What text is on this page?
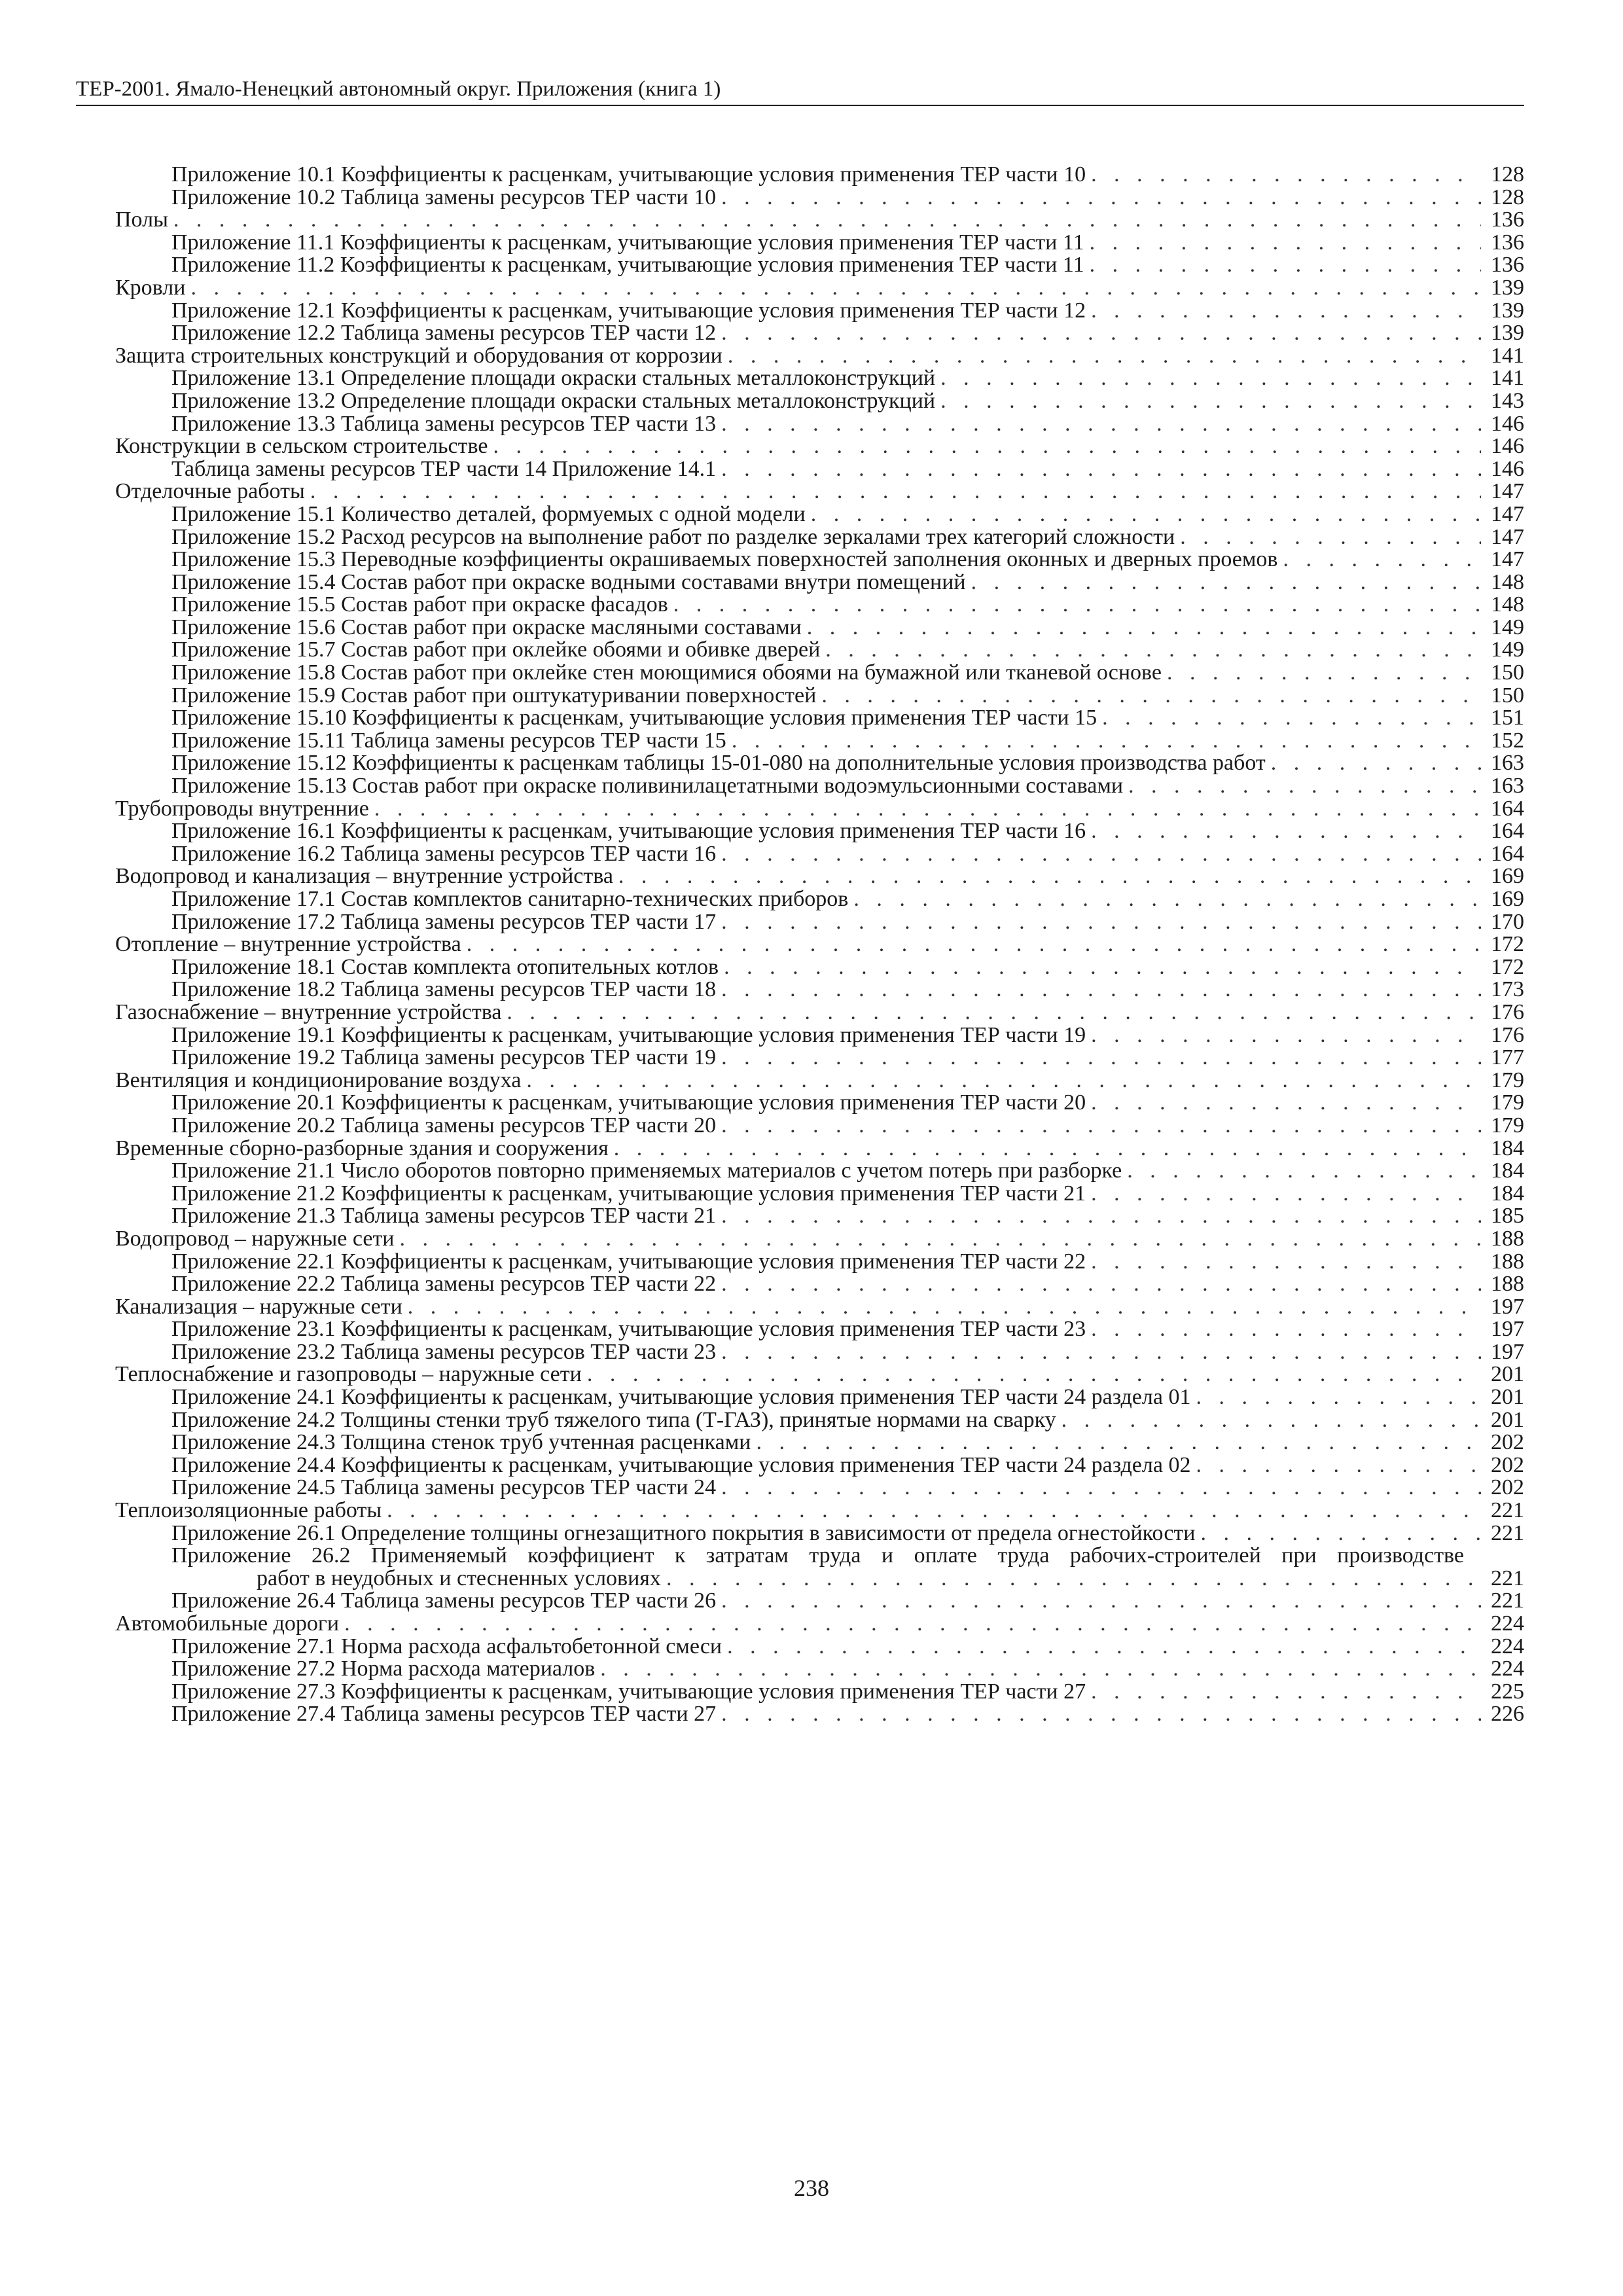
ТЕР-2001. Ямало-Ненецкий автономный округ. Приложения (книга 1)
Приложение 10.1 Коэффициенты к расценкам, учитывающие условия применения ТЕР части 10 . . .	128
Приложение 10.2 Таблица замены ресурсов ТЕР части 10 . . .	128
Полы . . .	136
Приложение 11.1 Коэффициенты к расценкам, учитывающие условия применения ТЕР части 11 . . .	136
Приложение 11.2 Коэффициенты к расценкам, учитывающие условия применения ТЕР части 11 . . .	136
Кровли . . .	139
Приложение 12.1 Коэффициенты к расценкам, учитывающие условия применения ТЕР части 12 . . .	139
Приложение 12.2 Таблица замены ресурсов ТЕР части 12 . . .	139
Защита строительных конструкций и оборудования от коррозии . . .	141
Приложение 13.1 Определение площади окраски стальных металлоконструкций . . .	141
Приложение 13.2 Определение площади окраски стальных металлоконструкций . . .	143
Приложение 13.3 Таблица замены ресурсов ТЕР части 13 . . .	146
Конструкции в сельском строительстве . . .	146
Таблица замены ресурсов ТЕР части 14 Приложение 14.1 . . .	146
Отделочные работы . . .	147
Приложение 15.1 Количество деталей, формуемых с одной модели . . .	147
Приложение 15.2 Расход ресурсов на выполнение работ по разделке зеркалами трех категорий сложности . . .	147
Приложение 15.3 Переводные коэффициенты окрашиваемых поверхностей заполнения оконных и дверных проемов . . .	147
Приложение 15.4 Состав работ при окраске водными составами внутри помещений . . .	148
Приложение 15.5 Состав работ при окраске фасадов . . .	148
Приложение 15.6 Состав работ при окраске масляными составами . . .	149
Приложение 15.7 Состав работ при оклейке обоями и обивке дверей . . .	149
Приложение 15.8 Состав работ при оклейке стен моющимися обоями на бумажной или тканевой основе . . .	150
Приложение 15.9 Состав работ при оштукатуривании поверхностей . . .	150
Приложение 15.10 Коэффициенты к расценкам, учитывающие условия применения ТЕР части 15 . . .	151
Приложение 15.11 Таблица замены ресурсов ТЕР части 15 . . .	152
Приложение 15.12 Коэффициенты к расценкам таблицы 15-01-080 на дополнительные условия производства работ . . .	163
Приложение 15.13 Состав работ при окраске поливинилацетатными водоэмульсионными составами . . .	163
Трубопроводы внутренние . . .	164
Приложение 16.1 Коэффициенты к расценкам, учитывающие условия применения ТЕР части 16 . . .	164
Приложение 16.2 Таблица замены ресурсов ТЕР части 16 . . .	164
Водопровод и канализация – внутренние устройства . . .	169
Приложение 17.1 Состав комплектов санитарно-технических приборов . . .	169
Приложение 17.2 Таблица замены ресурсов ТЕР части 17 . . .	170
Отопление – внутренние устройства . . .	172
Приложение 18.1 Состав комплекта отопительных котлов . . .	172
Приложение 18.2 Таблица замены ресурсов ТЕР части 18 . . .	173
Газоснабжение – внутренние устройства . . .	176
Приложение 19.1 Коэффициенты к расценкам, учитывающие условия применения ТЕР части 19 . . .	176
Приложение 19.2 Таблица замены ресурсов ТЕР части 19 . . .	177
Вентиляция и кондиционирование воздуха . . .	179
Приложение 20.1 Коэффициенты к расценкам, учитывающие условия применения ТЕР части 20 . . .	179
Приложение 20.2 Таблица замены ресурсов ТЕР части 20 . . .	179
Временные сборно-разборные здания и сооружения . . .	184
Приложение 21.1 Число оборотов повторно применяемых материалов с учетом потерь при разборке . . .	184
Приложение 21.2 Коэффициенты к расценкам, учитывающие условия применения ТЕР части 21 . . .	184
Приложение 21.3 Таблица замены ресурсов ТЕР части 21 . . .	185
Водопровод – наружные сети . . .	188
Приложение 22.1 Коэффициенты к расценкам, учитывающие условия применения ТЕР части 22 . . .	188
Приложение 22.2 Таблица замены ресурсов ТЕР части 22 . . .	188
Канализация – наружные сети . . .	197
Приложение 23.1 Коэффициенты к расценкам, учитывающие условия применения ТЕР части 23 . . .	197
Приложение 23.2 Таблица замены ресурсов ТЕР части 23 . . .	197
Теплоснабжение и газопроводы – наружные сети . . .	201
Приложение 24.1 Коэффициенты к расценкам, учитывающие условия применения ТЕР части 24 раздела 01 . . .	201
Приложение 24.2 Толщины стенки труб тяжелого типа (Т-ГАЗ), принятые нормами на сварку . . .	201
Приложение 24.3 Толщина стенок труб учтенная расценками . . .	202
Приложение 24.4 Коэффициенты к расценкам, учитывающие условия применения ТЕР части 24 раздела 02 . . .	202
Приложение 24.5 Таблица замены ресурсов ТЕР части 24 . . .	202
Теплоизоляционные работы . . .	221
Приложение 26.1 Определение толщины огнезащитного покрытия в зависимости от предела огнестойкости . . .	221
Приложение 26.2 Применяемый коэффициент к затратам труда и оплате труда рабочих-строителей при производстве
работ в неудобных и стесненных условиях . . .	221
Приложение 26.4 Таблица замены ресурсов ТЕР части 26 . . .	221
Автомобильные дороги . . .	224
Приложение 27.1 Норма расхода асфальтобетонной смеси . . .	224
Приложение 27.2 Норма расхода материалов . . .	224
Приложение 27.3 Коэффициенты к расценкам, учитывающие условия применения ТЕР части 27 . . .	225
Приложение 27.4 Таблица замены ресурсов ТЕР части 27 . . .	226
238
